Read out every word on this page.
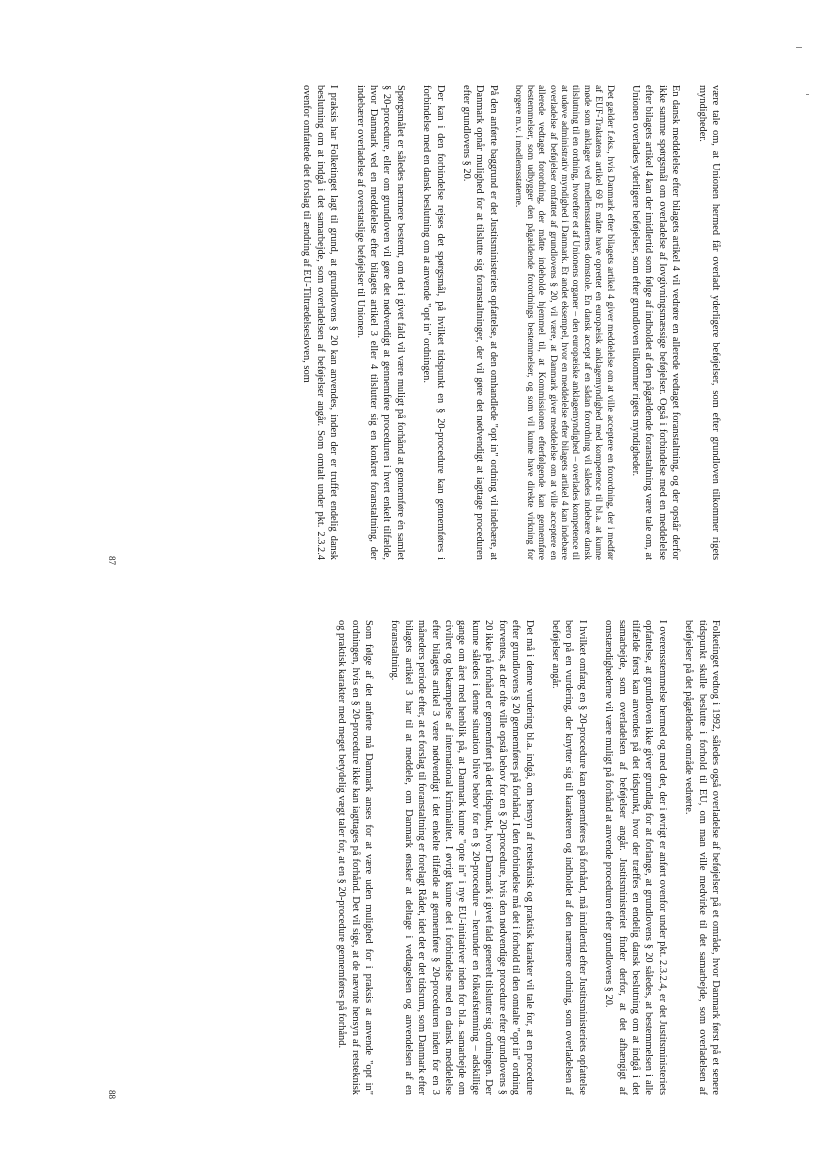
være tale om, at Unionen hermed får overladt yderligere beføjelser, som efter grundloven tilkommer rigets myndigheder.

En dansk meddelelse efter bilagets artikel 4 vil vedrøre en allerede vedtaget foranstaltning, og der opstår derfor ikke samme spørgsmål om overladelse af lovgivningsmæssige beføjelser. Også i forbindelse med en meddelelse efter bilagets artikel 4 kan der imidlertid som følge af indholdet af den pågældende foranstaltning være tale om, at Unionen overlades yderligere beføjelser, som efter grundloven tilkommer rigets myndigheder.

Det gælder f.eks., hvis Danmark efter bilagets artikel 4 giver meddelelse om at ville acceptere en forordning, der i medfør af EUF-Traktatens artikel 69 E måtte have oprettet en europæisk anklagemyndighed med kompetence til bl.a. at kunne møde som anklager ved medlemsstaternes domstole. En dansk accept af en sådan forordning vil således indebære dansk tilslutning til en ordning, hvorefter et af Unionens organer – den europæiske anklagemyndighed – overlades kompetence til at udøve administrativ myndighed i Danmark. Et andet eksempel, hvor en meddelelse efter bilagets artikel 4 kan indebære overladelse af beføjelser omfattet af grundlovens § 20, vil være, at Danmark giver meddelelse om at ville acceptere en allerede vedtaget forordning, der måtte indeholde hjemmel til, at Kommissionen efterfølgende kan gennemføre bestemmelser, som udbygger den pågældende forordnings bestemmelser, og som vil kunne have direkte virkning for borgere m.v. i medlemsstaterne.

På den anførte baggrund er det Justitsministeriets opfattelse, at den omhandlede "opt in" ordning vil indebære, at Danmark opnår mulighed for at tilslutte sig foranstaltninger, der vil gøre det nødvendigt at iagttage proceduren efter grundlovens § 20.

Der kan i den forbindelse rejses det spørgsmål, på hvilket tidspunkt en § 20-procedure kan gennemføres i forbindelse med en dansk beslutning om at anvende "opt in" ordningen.

Spørgsmålet er således nærmere bestemt, om det i givet fald vil være muligt på forhånd at gennemføre én samlet § 20-procedure, eller om grundloven vil gøre det nødvendigt at gennemføre proceduren i hvert enkelt tilfælde, hvor Danmark ved en meddelelse efter bilagets artikel 3 eller 4 tilslutter sig en konkret foranstaltning, der indebærer overladelse af overstatslige beføjelser til Unionen.

I praksis har Folketinget lagt til grund, at grundlovens § 20 kan anvendes, inden der er truffet endelig dansk beslutning om at indgå i det samarbejde, som overladelsen af beføjelser angår. Som omtalt under pkt. 2.3.2.4 ovenfor omfattede det forslag til ændring af EU-Tiltrædelsesloven, som

87

Folketinget vedtog i 1992, således også overladelse af beføjelser på et område, hvor Danmark først på et senere tidspunkt skulle beslutte i forhold til EU, om man ville medvirke til det samarbejde, som overladelsen af beføjelser på det pågældende område vedrørte.

I overensstemmelse hermed og med det, der i øvrigt er anført ovenfor under pkt. 2.3.2.4, er det Justitsministeriets opfattelse, at grundloven ikke giver grundlag for at forlange, at grundlovens § 20 således, at bestemmelsen i alle tilfælde først kan anvendes på det tidspunkt, hvor der træffes en endelig dansk beslutning om at indgå i det samarbejde, som overladelsen af beføjelser angår. Justitsministeriet finder derfor, at det afhængigt af omstændighederne vil være muligt på forhånd at anvende proceduren efter grundlovens § 20.

I hvilket omfang en § 20-procedure kan gennemføres på forhånd, må imidlertid efter Justitsministeriets opfattelse bero på en vurdering, der knytter sig til karakteren og indholdet af den nærmere ordning, som overladelsen af beføjelser angår.

Det må i denne vurdering bl.a. indgå, om hensyn af retsteknisk og praktisk karakter vil tale for, at en procedure efter grundlovens § 20 gennemføres på forhånd. I den forbindelse må det i forhold til den omtalte "opt in" ordning forventes, at der ofte ville opstå behov for en § 20-procedure, hvis den nødvendige procedure efter grundlovens § 20 ikke på forhånd er gennemført på det tidspunkt, hvor Danmark i givet fald generelt tilslutter sig ordningen. Der kunne således i denne situation blive behov for en § 20-procedure – herunder en folkeafstemning – adskillige gange om året med henblik på, at Danmark kunne "opte in" i nye EU-initiativer inden for bl.a. samarbejde om civilret og bekæmpelse af international kriminalitet. I øvrigt kunne det i forbindelse med en dansk meddelelse efter bilagets artikel 3 være nødvendigt i det enkelte tilfælde at gennemføre § 20-proceduren inden for en 3 måneders periode efter, at et forslag til foranstaltning er forelagt Rådet, idet det er det tidsrum, som Danmark efter bilagets artikel 3 har til at meddele, om Danmark ønsker at deltage i vedtagelsen og anvendelsen af en foranstaltning.

Som følge af det anførte må Danmark anses for at være uden mulighed for i praksis at anvende "opt in" ordningen, hvis en § 20-procedure ikke kan iagttages på forhånd. Det vil sige, at de nævnte hensyn af retsteknisk og praktisk karakter med meget betydelig vægt taler for, at en § 20-procedure gennemføres på forhånd.

88
